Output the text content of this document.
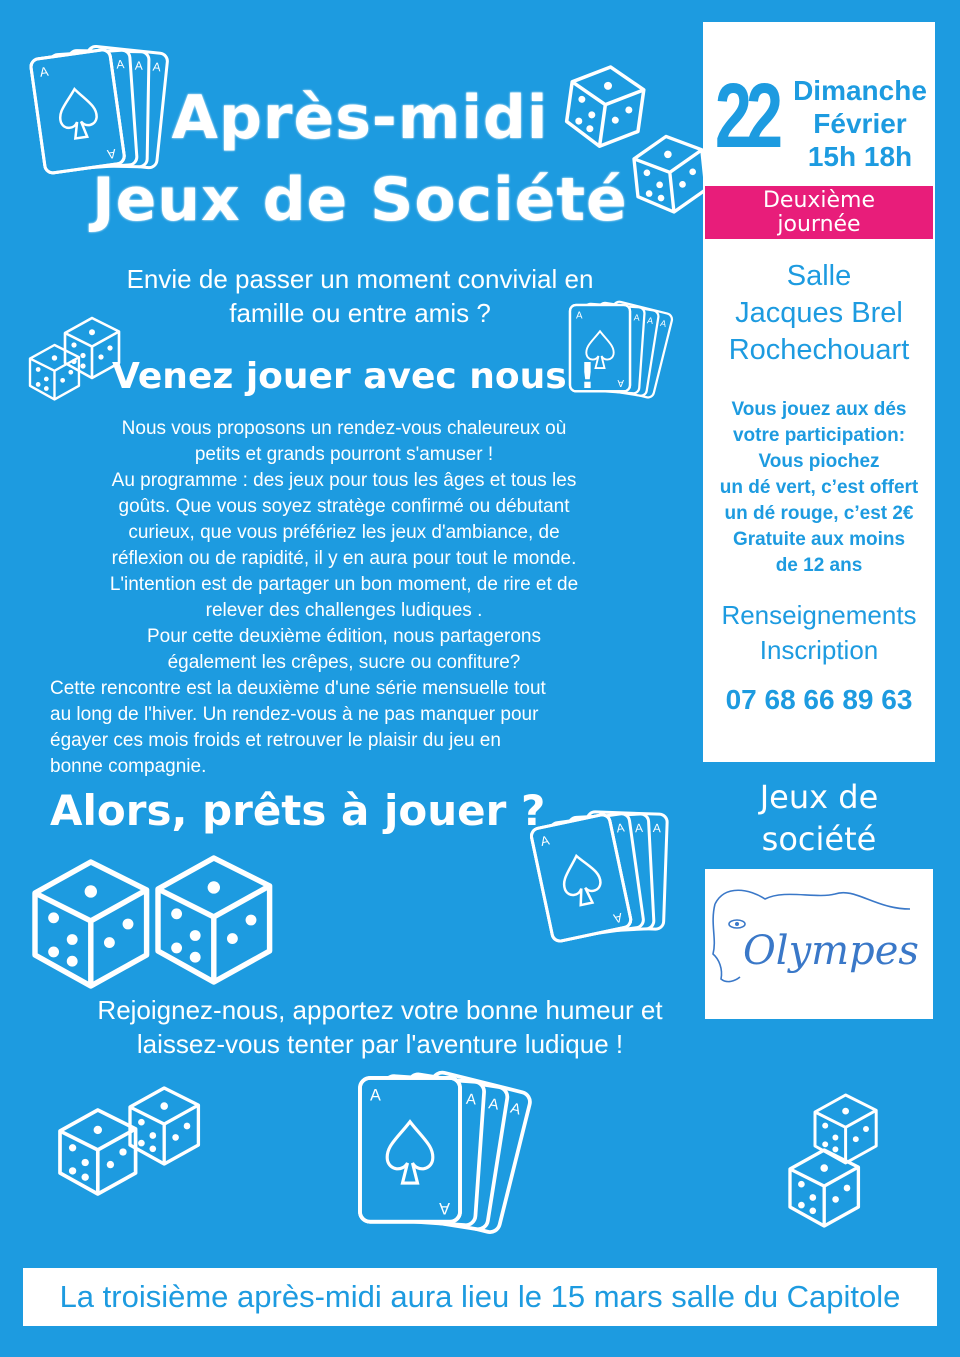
A
A
A
A
Après-midi
Jeux de Société
Envie de passer un moment convivial en
famille ou entre amis ?
Venez jouer avec nous !

Nous vous proposons un rendez-vous chaleureux où

petits et grands pourront s'amuser !

Au programme : des jeux pour tous les âges et tous les

goûts. Que vous soyez stratège confirmé ou débutant

curieux, que vous préfériez les jeux d'ambiance, de

réflexion ou de rapidité, il y en aura pour tout le monde.

L'intention est de partager un bon moment, de rire et de

relever des challenges ludiques .

Pour cette deuxième édition, nous partagerons

également les crêpes, sucre ou confiture?

Cette rencontre est la deuxième d'une série mensuelle tout

au long de l'hiver. Un rendez-vous à ne pas manquer pour

égayer ces mois froids et retrouver le plaisir du jeu en

bonne compagnie.

Alors, prêts à jouer ?
Rejoignez-nous, apportez votre bonne humeur et
laissez-vous tenter par l'aventure ludique !
22 Dimanche
Février
15h 18h
Deuxième
journée
Salle
Jacques Brel
Rochechouart
Vous jouez aux dés
votre participation:
Vous piochez
un dé vert, c’est offert
un dé rouge, c’est 2€
Gratuite aux moins
de 12 ans
Renseignements
Inscription
07 68 66 89 63
Jeux de
société
Olympes
La troisième après-midi aura lieu le 15 mars salle du Capitole
